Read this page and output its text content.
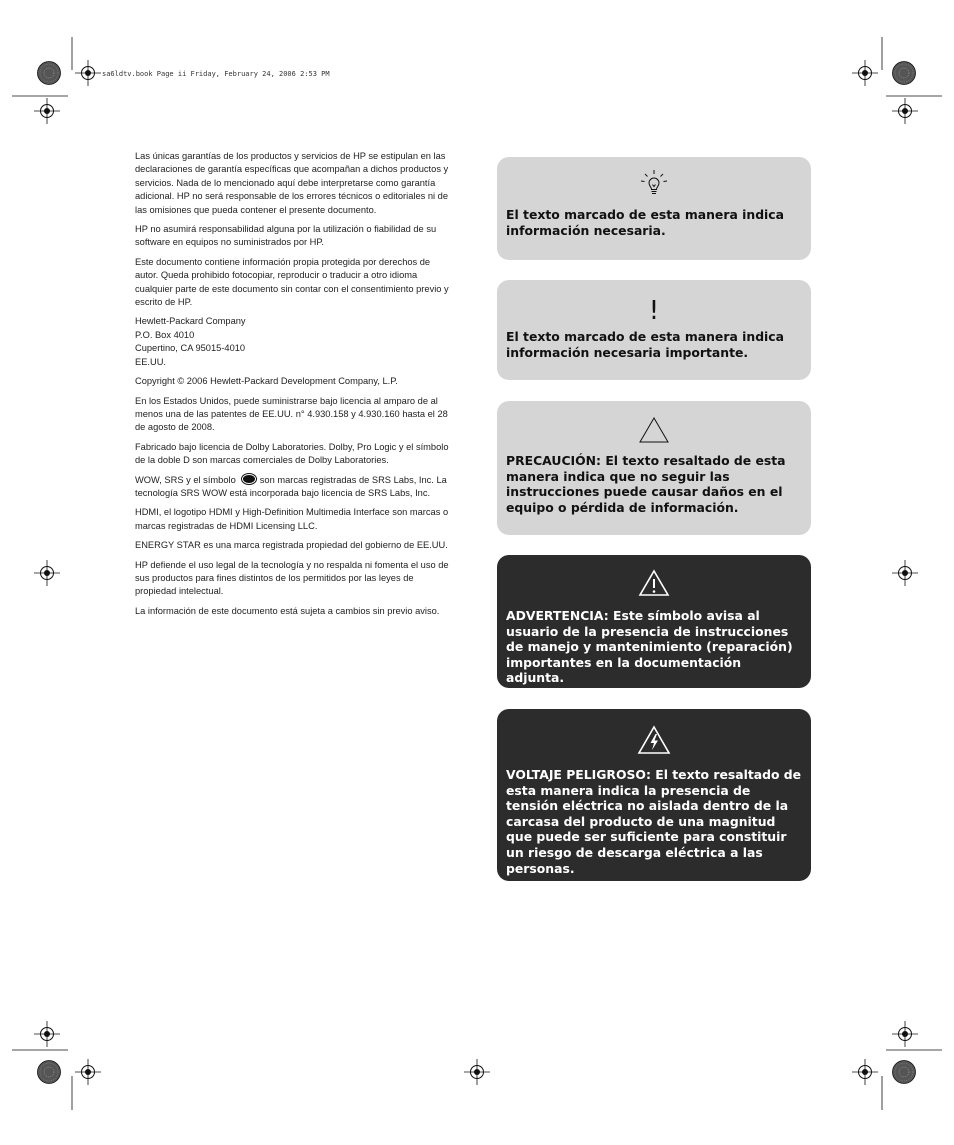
sa6ldtv.book Page ii Friday, February 24, 2006 2:53 PM

Las únicas garantías de los productos y servicios de HP se estipulan en las declaraciones de garantía específicas que acompañan a dichos productos y servicios. Nada de lo mencionado aquí debe interpretarse como garantía adicional. HP no será responsable de los errores técnicos o editoriales ni de las omisiones que pueda contener el presente documento.

HP no asumirá responsabilidad alguna por la utilización o fiabilidad de su software en equipos no suministrados por HP.

Este documento contiene información propia protegida por derechos de autor. Queda prohibido fotocopiar, reproducir o traducir a otro idioma cualquier parte de este documento sin contar con el consentimiento previo y escrito de HP.

Hewlett-Packard Company
P.O. Box 4010
Cupertino, CA 95015-4010
EE.UU.

Copyright © 2006 Hewlett-Packard Development Company, L.P.

En los Estados Unidos, puede suministrarse bajo licencia al amparo de al menos una de las patentes de EE.UU. n° 4.930.158 y 4.930.160 hasta el 28 de agosto de 2008.

Fabricado bajo licencia de Dolby Laboratories. Dolby, Pro Logic y el símbolo de la doble D son marcas comerciales de Dolby Laboratories.

WOW, SRS y el símbolo	son marcas registradas de SRS Labs, Inc. La tecnología SRS WOW está incorporada bajo licencia de SRS Labs, Inc.

HDMI, el logotipo HDMI y High-Definition Multimedia Interface son marcas o marcas registradas de HDMI Licensing LLC.

ENERGY STAR es una marca registrada propiedad del gobierno de EE.UU.

HP defiende el uso legal de la tecnología y no respalda ni fomenta el uso de sus productos para fines distintos de los permitidos por las leyes de propiedad intelectual.

La información de este documento está sujeta a cambios sin previo aviso.

El texto marcado de esta manera indica información necesaria.

!

El texto marcado de esta manera indica información necesaria importante.

PRECAUCIÓN: El texto resaltado de esta manera indica que no seguir las instrucciones puede causar daños en el equipo o pérdida de información.

ADVERTENCIA: Este símbolo avisa al usuario de la presencia de instrucciones de manejo y mantenimiento (reparación) importantes en la documentación adjunta.

VOLTAJE PELIGROSO: El texto resaltado de esta manera indica la presencia de tensión eléctrica no aislada dentro de la carcasa del producto de una magnitud que puede ser suficiente para constituir un riesgo de descarga eléctrica a las personas.
